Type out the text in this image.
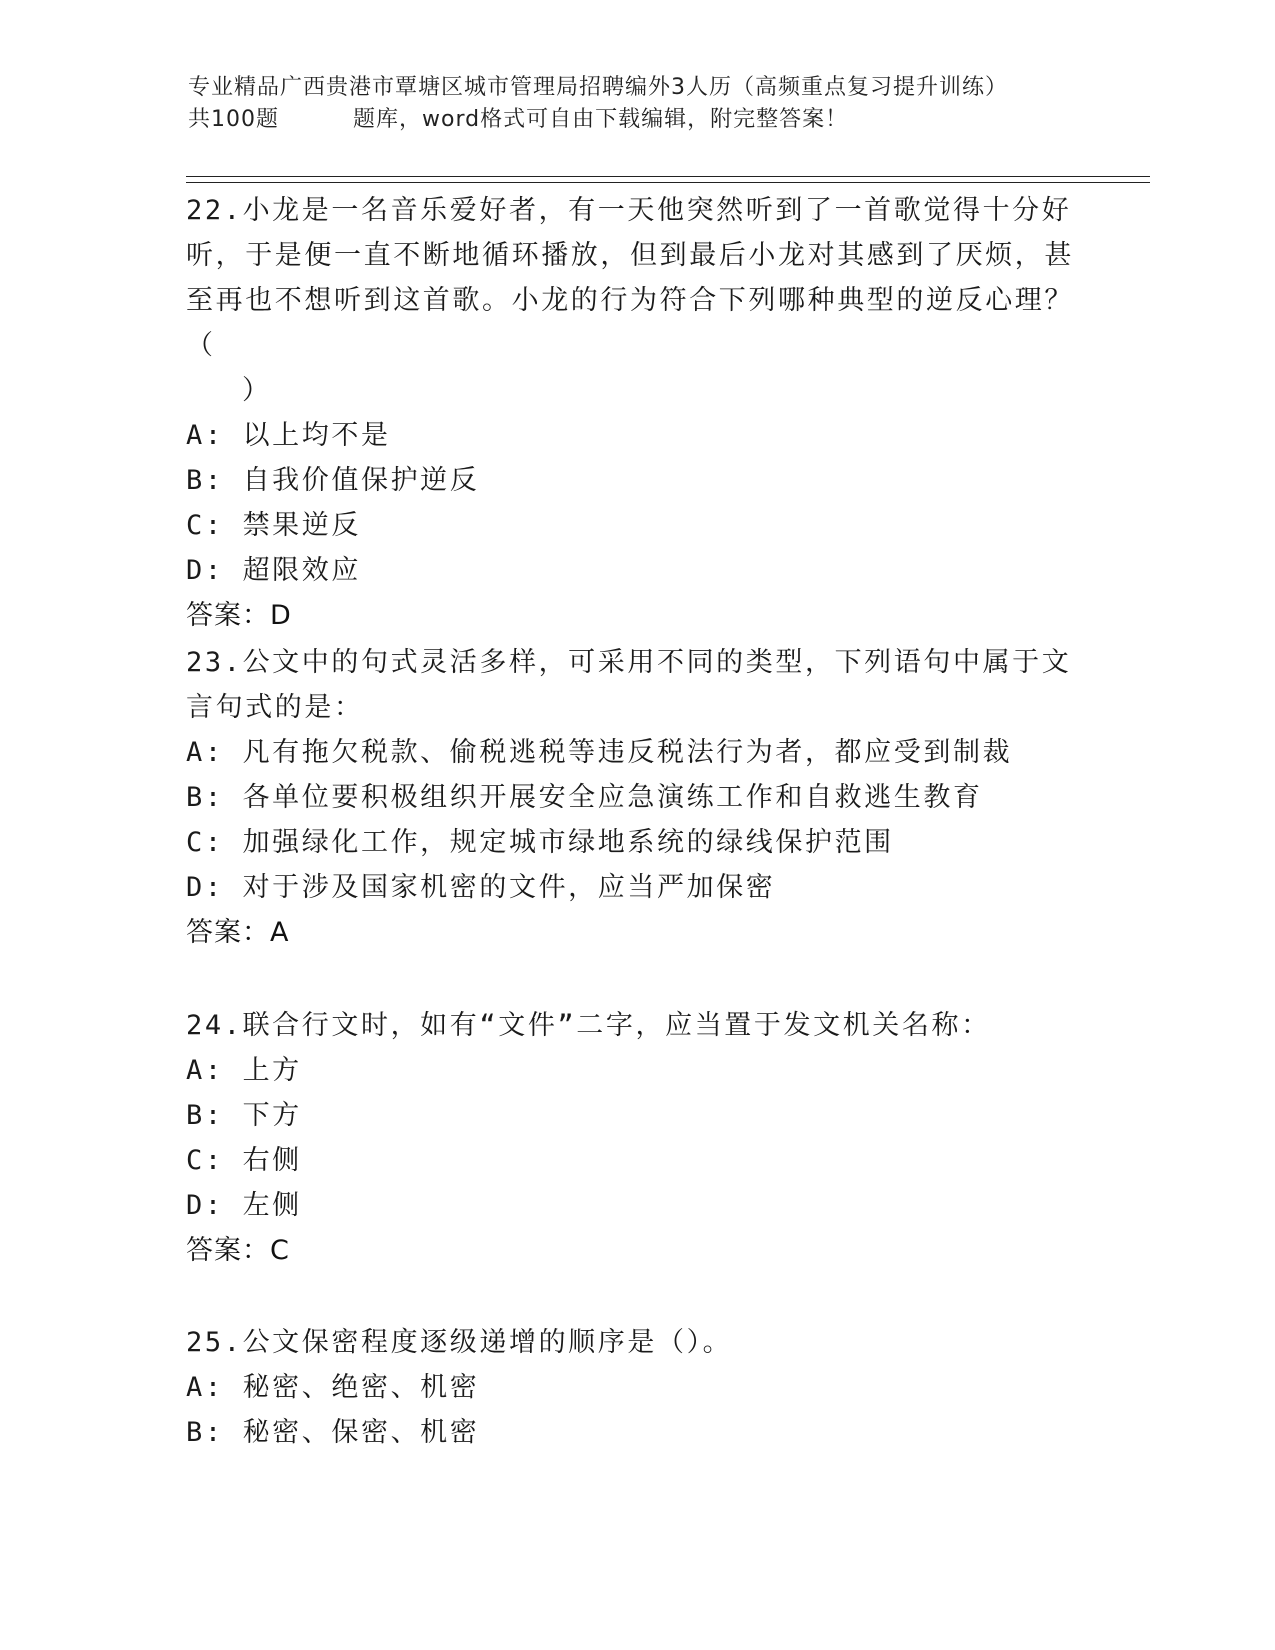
专业精品广西贵港市覃塘区城市管理局招聘编外3人历（高频重点复习提升训练）
共100题	题库，word格式可自由下载编辑，附完整答案！

22.小龙是一名音乐爱好者，有一天他突然听到了一首歌觉得十分好听，于是便一直不断地循环播放，但到最后小龙对其感到了厌烦，甚至再也不想听到这首歌。小龙的行为符合下列哪种典型的逆反心理？（
）

A: 以上均不是
B: 自我价值保护逆反
C: 禁果逆反
D: 超限效应
答案：D

23.公文中的句式灵活多样，可采用不同的类型，下列语句中属于文言句式的是：

A: 凡有拖欠税款、偷税逃税等违反税法行为者，都应受到制裁
B: 各单位要积极组织开展安全应急演练工作和自救逃生教育
C: 加强绿化工作，规定城市绿地系统的绿线保护范围
D: 对于涉及国家机密的文件，应当严加保密
答案：A

24.联合行文时，如有“文件”二字，应当置于发文机关名称：

A: 上方
B: 下方
C: 右侧
D: 左侧
答案：C

25.公文保密程度逐级递增的顺序是（）。

A: 秘密、绝密、机密
B: 秘密、保密、机密
